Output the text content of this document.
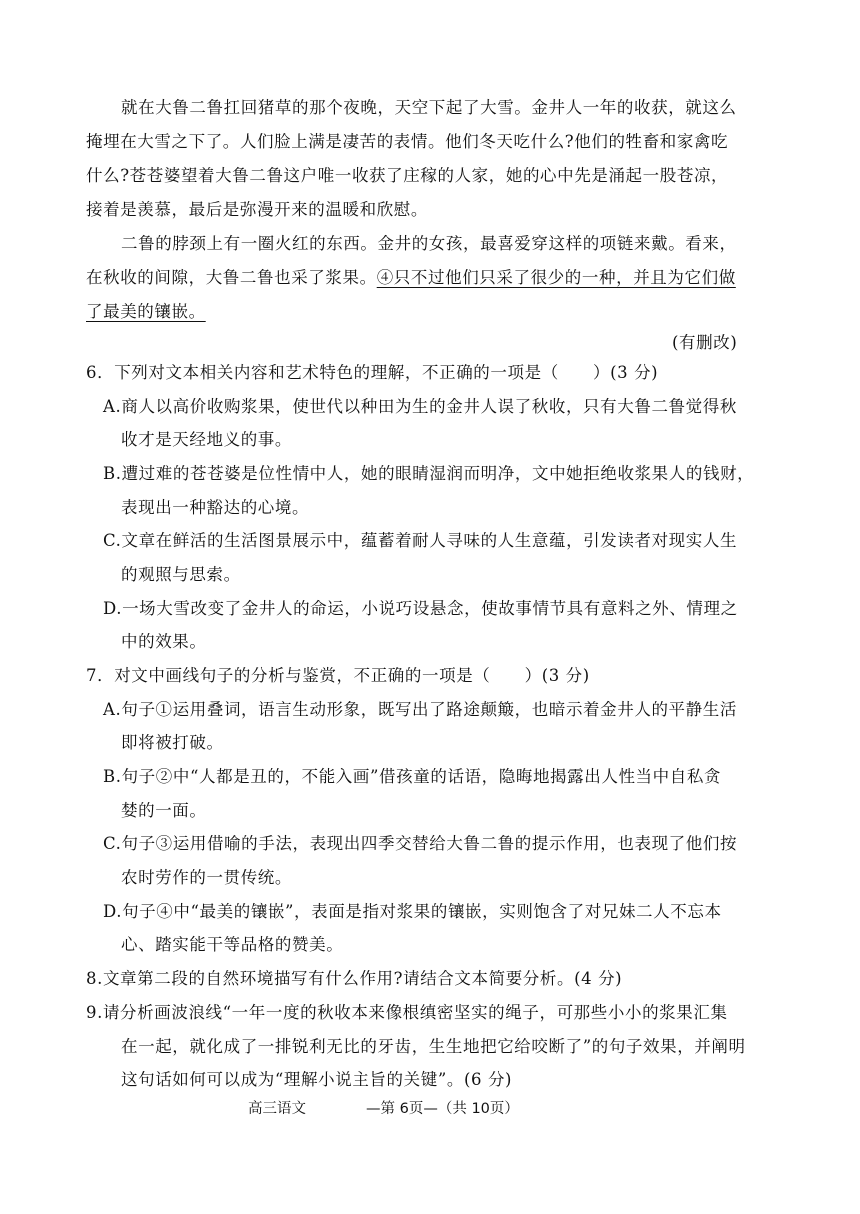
就在大鲁二鲁扛回猪草的那个夜晚，天空下起了大雪。金井人一年的收获，就这么
掩埋在大雪之下了。人们脸上满是凄苦的表情。他们冬天吃什么?他们的牲畜和家禽吃
什么?苍苍婆望着大鲁二鲁这户唯一收获了庄稼的人家，她的心中先是涌起一股苍凉，
接着是羡慕，最后是弥漫开来的温暖和欣慰。
二鲁的脖颈上有一圈火红的东西。金井的女孩，最喜爱穿这样的项链来戴。看来，
在秋收的间隙，大鲁二鲁也采了浆果。④只不过他们只采了很少的一种，并且为它们做
了最美的镶嵌。
(有删改)
6．下列对文本相关内容和艺术特色的理解，不正确的一项是（　　）(3 分)
A.商人以高价收购浆果，使世代以种田为生的金井人误了秋收，只有大鲁二鲁觉得秋
收才是天经地义的事。
B.遭过难的苍苍婆是位性情中人，她的眼睛湿润而明净，文中她拒绝收浆果人的钱财，
表现出一种豁达的心境。
C.文章在鲜活的生活图景展示中，蕴蓄着耐人寻味的人生意蕴，引发读者对现实人生
的观照与思索。
D.一场大雪改变了金井人的命运，小说巧设悬念，使故事情节具有意料之外、情理之
中的效果。
7．对文中画线句子的分析与鉴赏，不正确的一项是（　　）(3 分)
A.句子①运用叠词，语言生动形象，既写出了路途颠簸，也暗示着金井人的平静生活
即将被打破。
B.句子②中“人都是丑的，不能入画”借孩童的话语，隐晦地揭露出人性当中自私贪
婪的一面。
C.句子③运用借喻的手法，表现出四季交替给大鲁二鲁的提示作用，也表现了他们按
农时劳作的一贯传统。
D.句子④中“最美的镶嵌”，表面是指对浆果的镶嵌，实则饱含了对兄妹二人不忘本
心、踏实能干等品格的赞美。
8.文章第二段的自然环境描写有什么作用?请结合文本简要分析。(4 分)
9.请分析画波浪线“一年一度的秋收本来像根缜密坚实的绳子，可那些小小的浆果汇集
在一起，就化成了一排锐利无比的牙齿，生生地把它给咬断了”的句子效果，并阐明
这句话如何可以成为“理解小说主旨的关键”。(6 分)
高三语文	—第 6页—（共 10页）
